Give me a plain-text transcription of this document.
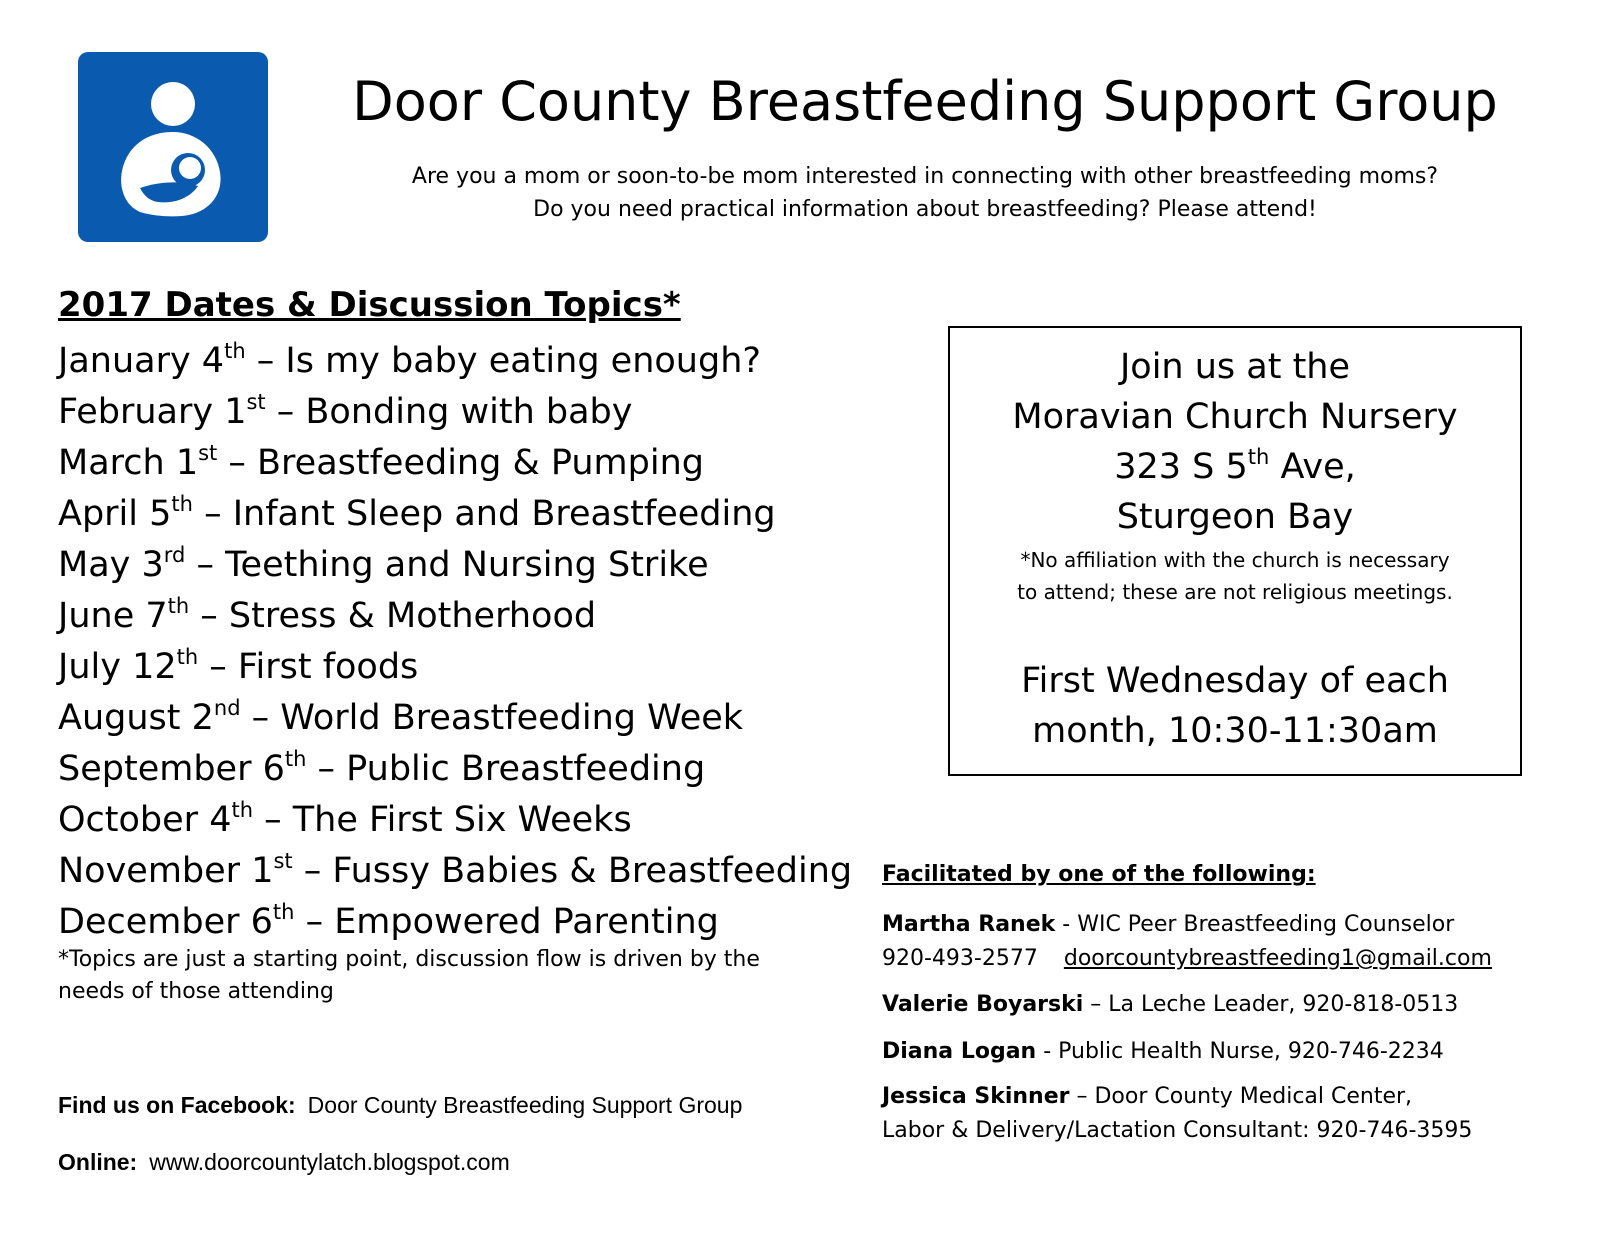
Door County Breastfeeding Support Group
Are you a mom or soon-to-be mom interested in connecting with other breastfeeding moms?
Do you need practical information about breastfeeding? Please attend!
2017 Dates & Discussion Topics*
January 4th – Is my baby eating enough?
February 1st – Bonding with baby
March 1st – Breastfeeding & Pumping
April 5th – Infant Sleep and Breastfeeding
May 3rd – Teething and Nursing Strike
June 7th – Stress & Motherhood
July 12th – First foods
August 2nd – World Breastfeeding Week
September 6th – Public Breastfeeding
October 4th – The First Six Weeks
November 1st – Fussy Babies & Breastfeeding
December 6th – Empowered Parenting
*Topics are just a starting point, discussion flow is driven by the needs of those attending
Join us at the
Moravian Church Nursery
323 S 5th Ave,
Sturgeon Bay
*No affiliation with the church is necessary
to attend; these are not religious meetings.
First Wednesday of each
month, 10:30-11:30am
Facilitated by one of the following:
Martha Ranek - WIC Peer Breastfeeding Counselor
920-493-2577 doorcountybreastfeeding1@gmail.com
Valerie Boyarski – La Leche Leader, 920-818-0513
Diana Logan - Public Health Nurse, 920-746-2234
Jessica Skinner – Door County Medical Center,
Labor & Delivery/Lactation Consultant: 920-746-3595
Find us on Facebook: Door County Breastfeeding Support Group
Online: www.doorcountylatch.blogspot.com
